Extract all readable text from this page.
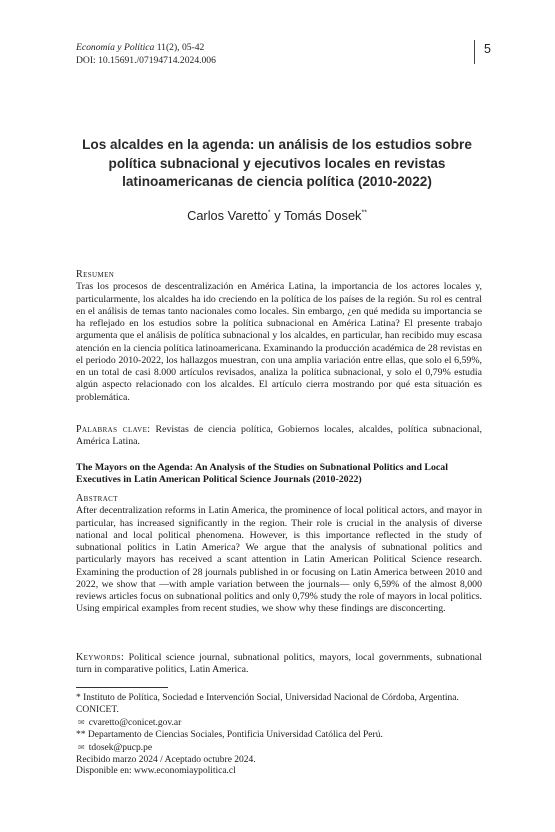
Economía y Política 11(2), 05-42
DOI: 10.15691./07194714.2024.006
5
Los alcaldes en la agenda: un análisis de los estudios sobre política subnacional y ejecutivos locales en revistas latinoamericanas de ciencia política (2010-2022)
Carlos Varetto* y Tomás Dosek**
Resumen
Tras los procesos de descentralización en América Latina, la importancia de los actores locales y, particularmente, los alcaldes ha ido creciendo en la política de los países de la región. Su rol es central en el análisis de temas tanto nacionales como locales. Sin embargo, ¿en qué medida su importancia se ha reflejado en los estudios sobre la política subnacional en América Latina? El presente trabajo argumenta que el análisis de política subnacional y los alcaldes, en particular, han recibido muy escasa atención en la ciencia política latinoamericana. Examinando la producción académica de 28 revistas en el periodo 2010-2022, los hallazgos muestran, con una amplia variación entre ellas, que solo el 6,59%, en un total de casi 8.000 artículos revisados, analiza la política subnacional, y solo el 0,79% estudia algún aspecto relacionado con los alcaldes. El artículo cierra mostrando por qué esta situación es problemática.
Palabras clave: Revistas de ciencia política, Gobiernos locales, alcaldes, política subnacional, América Latina.
The Mayors on the Agenda: An Analysis of the Studies on Subnational Politics and Local Executives in Latin American Political Science Journals (2010-2022)
Abstract
After decentralization reforms in Latin America, the prominence of local political actors, and mayor in particular, has increased significantly in the region. Their role is crucial in the analysis of diverse national and local political phenomena. However, is this importance reflected in the study of subnational politics in Latin America? We argue that the analysis of subnational politics and particularly mayors has received a scant attention in Latin American Political Science research. Examining the production of 28 journals published in or focusing on Latin America between 2010 and 2022, we show that —with ample variation between the journals— only 6,59% of the almost 8,000 reviews articles focus on subnational politics and only 0,79% study the role of mayors in local politics. Using empirical examples from recent studies, we show why these findings are disconcerting.
Keywords: Political science journal, subnational politics, mayors, local governments, subnational turn in comparative politics, Latin America.
* Instituto de Política, Sociedad e Intervención Social, Universidad Nacional de Córdoba, Argentina. CONICET.
✉ cvaretto@conicet.gov.ar
** Departamento de Ciencias Sociales, Pontificia Universidad Católica del Perú.
✉ tdosek@pucp.pe
Recibido marzo 2024 / Aceptado octubre 2024.
Disponible en: www.economiaypolitica.cl
